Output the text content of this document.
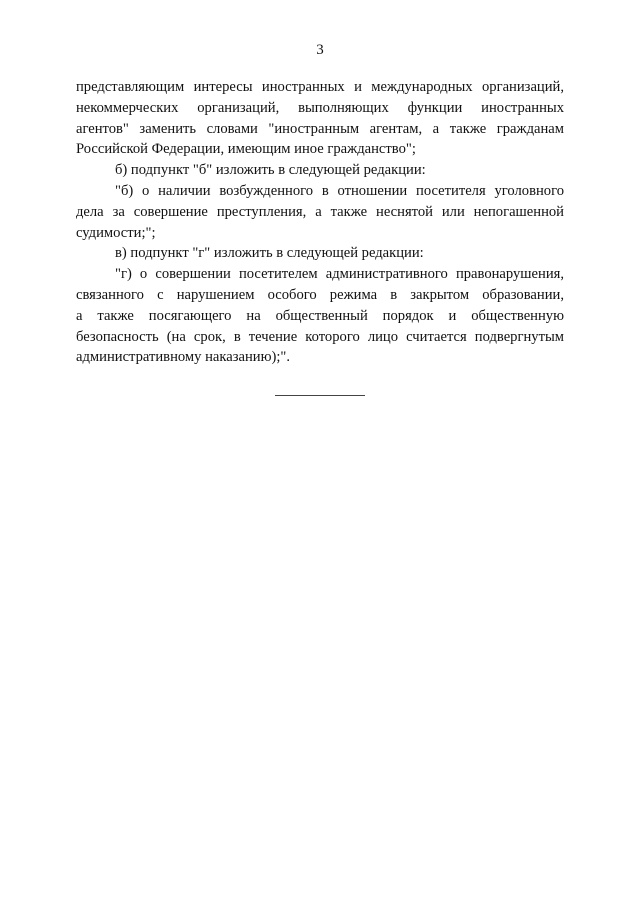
3
представляющим интересы иностранных и международных организаций,
некоммерческих организаций, выполняющих функции иностранных
агентов" заменить словами "иностранным агентам, а также гражданам
Российской Федерации, имеющим иное гражданство";
б) подпункт "б" изложить в следующей редакции:
"б) о наличии возбужденного в отношении посетителя уголовного
дела за совершение преступления, а также неснятой или непогашенной
судимости;";
в) подпункт "г" изложить в следующей редакции:
"г) о совершении посетителем административного правонарушения,
связанного с нарушением особого режима в закрытом образовании,
а также посягающего на общественный порядок и общественную
безопасность (на срок, в течение которого лицо считается подвергнутым
административному наказанию);".
